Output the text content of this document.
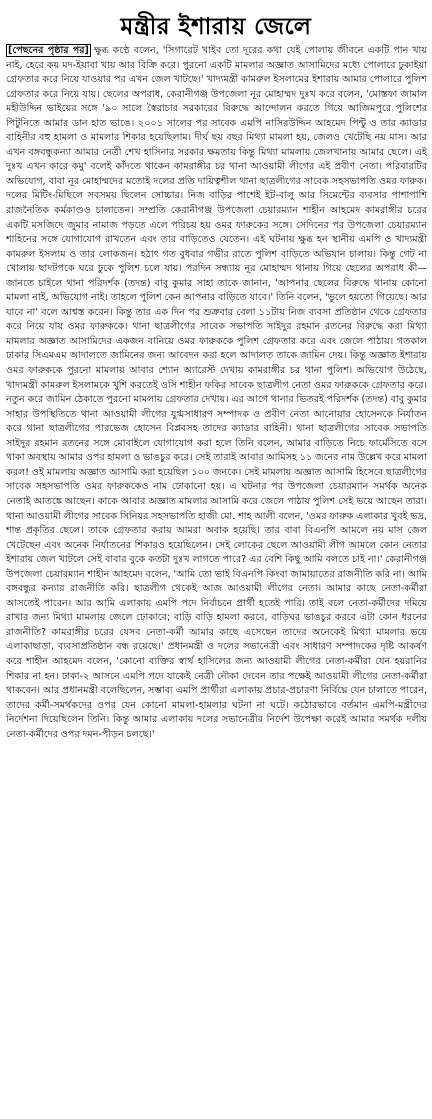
মন্ত্রীর ইশারায় জেলে

[পেছনের পৃষ্ঠার পর] ক্ষুব্ধ কণ্ঠে বলেন, 'সিগারেট খাইব তো দূরের কথা যেই পোলায় জীবনে একটি পান খায় নাই, হেরে কয় মদ-ইয়াবা খায় আর বিক্রি করে। পুরনো একটি মামলার অজ্ঞাত আসামিদের মধ্যে পোলারে ঢুকাইয়া গ্রেফতার করে নিয়ে যাওয়ার পর এখন জেল খাটছে।' খাদ্যমন্ত্রী কামরুল ইসলামের ইশারায় আমার পোলারে পুলিশ গ্রেফতার করে নিয়ে যায়। ছেলের অপরাধ, কেরানীগঞ্জ উপজেলা নূর মোহাম্মদ দুঃখ করে বলেন, 'মোস্তফা জামাল মহীউদ্দিন ভাইয়ের সঙ্গে '৯০ সালে স্বৈরাচার সরকারের বিরুদ্ধে আন্দোলন করতে গিয়ে আজিমপুরে পুলিশের পিটুনিতে আমার ডান হাত ভাঙে। ২০০১ সালের পর সাবেক এমপি নাসিরউদ্দিন আহমেদ পিন্টু ও তার ক্যাডার বাহিনীর বহু হামলা ও মামলার শিকার হয়েছিলাম। দীর্ঘ ছয় বছর মিথ্যা মামলা হয়, জেলও খেটেছি নয় মাস। আর এখন বঙ্গবন্ধুকন্যা আমার নেত্রী শেখ হাসিনার সরকার ক্ষমতায় কিন্তু মিথ্যা মামলায় জেলখানায় আমার ছেলে। এই দুঃখ এখন কারে কমু' বলেই কাঁদতে থাকেন কামরাঙ্গীর চর থানা আওয়ামী লীগের এই প্রবীণ নেতা। পরিবারটির অভিযোগ, বাবা নূর মোহাম্মদের মতোই দলের প্রতি দায়িত্বশীল থানা ছাত্রলীগের সাবেক সহসভাপতি ওমর ফারুক। দলের মিটিং-মিছিলে সবসময় ছিলেন সোচ্চার। নিজ বাড়ির পাশেই ইট-বালু আর সিমেন্টের ব্যবসার পাশাপাশি রাজনৈতিক কর্মকাণ্ডও চালাতেন। সম্প্রতি কেরানীগঞ্জ উপজেলা চেয়ারম্যান শাহীন আহমেদ কামরাঙ্গীর চরের একটি মসজিদে জুমার নামাজ পড়তে এলে পরিচয় হয় ওমর ফারুকের সঙ্গে। সেদিনের পর উপজেলা চেয়ারম্যান শাহিনের সঙ্গে যোগাযোগ রাখতেন এবং তার বাড়িতেও যেতেন। এই ঘটনায় ক্ষুব্ধ হন স্থানীয় এমপি ও খাদ্যমন্ত্রী কামরুল ইসলাম ও তার লোকজন। হঠাৎ গত বুধবার গভীর রাতে পুলিশ বাড়িতে অভিযান চালায়। কিন্তু গেট না খোলায় ছাদটপকে ঘরে ঢুকে পুলিশ চলে যায়। পরদিন সন্ধ্যায় নূর মোহাম্মদ থানায় গিয়ে ছেলের অপরাধ কী— জানতে চাইলে থানা পরিদর্শক (তদন্ত) বাবু কুমার সাহা তাকে জানান, 'আপনার ছেলের বিরুদ্ধে থানায় কোনো মামলা নাই, অভিযোগ নাই। তাহলে পুলিশ কেন আপনার বাড়িতে যাবে।' তিনি বলেন, 'ভুলে হয়তো গিয়েছে। আর যাবে না' বলে আশ্বস্ত করেন। কিন্তু তার এক দিন পর শুক্রবার বেলা ১১টায় নিজ ব্যবসা প্রতিষ্ঠান থেকে গ্রেফতার করে নিয়ে যায় ওমর ফারুককে। থানা ছাত্রলীগের সাবেক সভাপতি সাইদুর রহমান রতনের বিরুদ্ধে করা মিথ্যা মামলার অজ্ঞাত আসামিদের একজন বানিয়ে ওমর ফারুককে পুলিশ গ্রেফতার করে এবং জেলে পাঠায়। গতকাল ঢাকার সিএমএম আদালতে জামিনের জন্য আবেদন করা হলে আদালত তাকে জামিন দেয়। কিন্তু অজ্ঞাত ইশারায় ওমর ফারুককে পুরনো মামলায় আবার শ্যোন অ্যারেস্ট দেখায় কামরাঙ্গীর চর থানা পুলিশ। অভিযোগ উঠেছে, খাদ্যমন্ত্রী কামরুল ইসলামকে খুশি করতেই ওসি শাহীন ফকির সাবেক ছাত্রলীগ নেতা ওমর ফারুককে গ্রেফতার করে। নতুন করে জামিন ঠেকাতে পুরনো মামলায় গ্রেফতার দেখায়। এর আগে থানার ভিতরই পরিদর্শক (তদন্ত) বাবু কুমার সাহার উপস্থিতিতে থানা আওয়ামী লীগের যুগ্মসাধারণ সম্পাদক ও প্রবীণ নেতা আনোয়ার হোসেনকে নির্যাতন করে থানা ছাত্রলীগের পারভেজ হোসেন বিপ্লবসহ তাদের ক্যাডার বাহিনী। থানা ছাত্রলীগের সাবেক সভাপতি সাইদুর রহমান রতনের সঙ্গে মোবাইলে যোগাযোগ করা হলে তিনি বলেন, আমার বাড়িতে নিচে ফার্মেসিতে বসে থাকা অবস্থায় আমার ওপর হামলা ও ভাঙচুর করে। সেই তারাই আবার আমিসহ ১১ জনের নাম উল্লেখ করে মামলা করল! ওই মামলায় অজ্ঞাত আসামি করা হয়েছিল ১০০ জনকে। সেই মামলায় অজ্ঞাত আসামি হিসেবে ছাত্রলীগের সাবেক সহসভাপতি ওমর ফারুককেও নাম ঢোকানো হয়। এ ঘটনার পর উপজেলা চেয়ারম্যান সমর্থক অনেক নেতাই আতঙ্কে আছেন। কাকে আবার অজ্ঞাত মামলার আসামি করে জেলে পাঠায় পুলিশ সেই ভয়ে আছেন তারা। থানা আওয়ামী লীগের সাবেক সিনিয়র সহসভাপতি হাজী মো. শাহ আলী বলেন, 'ওমর ফারুক এলাকার খুবই ভদ্র, শান্ত প্রকৃতির ছেলে। তাকে গ্রেফতার করায় আমরা অবাক হয়েছি। তার বাবা বিএনপি আমলে নয় মাস জেল খেটেছেন এবং অনেক নির্যাতনের শিকারও হয়েছিলেন। সেই লোকের ছেলে আওয়ামী লীগ আমলে কোন নেতার ইশারায় জেল খাটলে সেই বাবার বুকে কতটা দুঃখ লাগতে পারে? এর বেশি কিছু আমি বলতে চাই না।' কেরানীগঞ্জ উপজেলা চেয়ারম্যান শাহীন আহমেদ বলেন, 'আমি তো ভাই বিএনপি কিংবা জামায়াতের রাজনীতি করি না। আমি বঙ্গবন্ধুর কন্যার রাজনীতি করি। ছাত্রলীগ থেকেই আজ আওয়ামী লীগের নেতা। আমার কাছে নেতা-কর্মীরা আসতেই পারেন। আর আমি এলাকায় এমপি পদে নির্বাচনে প্রার্থী হতেই পারি। তাই বলে নেতা-কর্মীদের দমিয়ে রাখার জন্য মিথ্যা মামলায় জেলে ঢোকাবে; বাড়ি বাড়ি হামলা করবে, বাড়িঘর ভাঙচুর করবে এটা কোন ধরনের রাজনীতি? কামরাঙ্গীর চরের যেসব নেতা-কর্মী আমার কাছে এসেছেন তাদের অনেকেই মিথ্যা মামলার ভয়ে এলাকাছাড়া, ব্যবসাপ্রতিষ্ঠান বন্ধ রয়েছে।' প্রধানমন্ত্রী ও দলের সভানেত্রী এবং সাধারণ সম্পাদকের দৃষ্টি আকর্ষণ করে শাহীন আহমেদ বলেন, 'কোনো ব্যক্তির স্বার্থ হাসিলের জন্য আওয়ামী লীগের নেতা-কর্মীরা যেন হয়রানির শিকার না হন। ঢাকা-২ আসনে এমপি পদে যাকেই নেত্রী নৌকা দেবেন তার পক্ষেই আওয়ামী লীগের নেতা-কর্মীরা থাকবেন। আর প্রধানমন্ত্রী বলেছিলেন, সম্ভাব্য এমপি প্রার্থীরা এলাকায় প্রচার-প্রচারণা নির্বিঘ্নে যেন চালাতে পারেন, তাদের কর্মী-সমর্থকদের ওপর যেন কোনো মামলা-হামলার ঘটনা না ঘটে। কঠোরভাবে বর্তমান এমপি-মন্ত্রীদের নির্দেশনা দিয়েছিলেন তিনি। কিন্তু আমার এলাকায় দলের সভানেত্রীর নির্দেশ উপেক্ষা করেই আমার সমর্থক দলীয় নেতা-কর্মীদের ওপর দমন-পীড়ন চলছে।'
